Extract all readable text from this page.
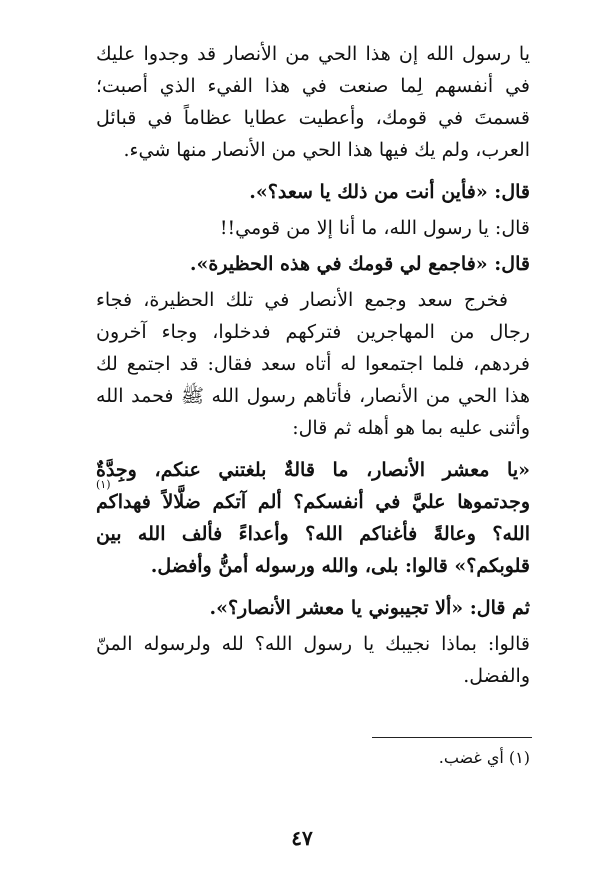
يا رسول الله إن هذا الحي من الأنصار قد وجدوا عليك في أنفسهم لِما صنعت في هذا الفيء الذي أصبت؛ قسمتَ في قومك، وأعطيت عطايا عظاماً في قبائل العرب، ولم يك فيها هذا الحي من الأنصار منها شيء.

قال: «فأين أنت من ذلك يا سعد؟».

قال: يا رسول الله، ما أنا إلا من قومي!!

قال: «فاجمع لي قومك في هذه الحظيرة».

فخرج سعد وجمع الأنصار في تلك الحظيرة، فجاء رجال من المهاجرين فتركهم فدخلوا، وجاء آخرون فردهم، فلما اجتمعوا له أتاه سعد فقال: قد اجتمع لك هذا الحي من الأنصار، فأتاهم رسول الله ﷺ فحمد الله وأثنى عليه بما هو أهله ثم قال:

«يا معشر الأنصار، ما قالةٌ بلغتني عنكم، وجِدَّةٌ وجدتموها عليَّ في أنفسكم؟ ألم آتكم ضلَّالاً فهداكم الله؟ وعالةً فأغناكم الله؟ وأعداءً فألف الله بين قلوبكم؟» قالوا: بلى، والله ورسوله أمنُّ وأفضل.

ثم قال: «ألا تجيبوني يا معشر الأنصار؟».

قالوا: بماذا نجيبك يا رسول الله؟ لله ولرسوله المنّ والفضل.

(١) أي غضب.
(١)
٤٧
